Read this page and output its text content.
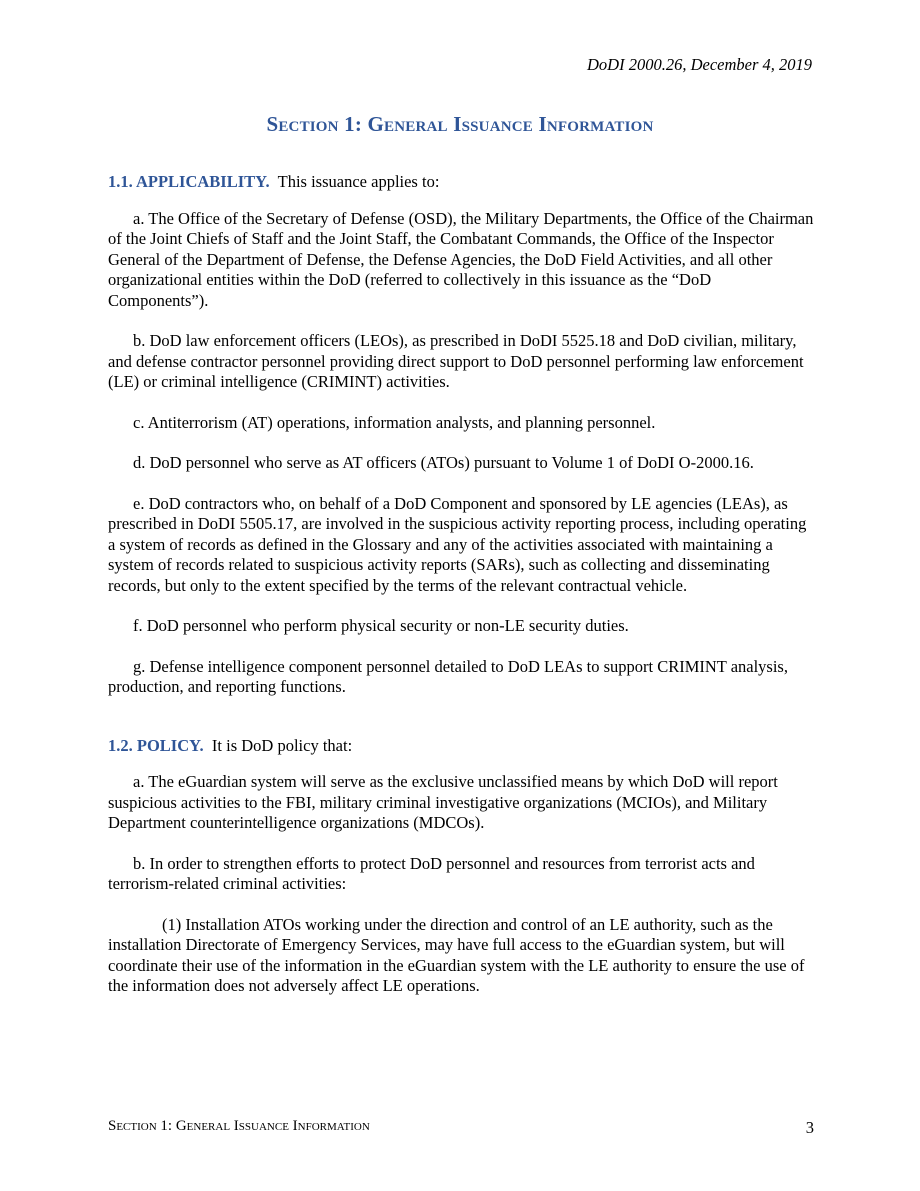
DoDI 2000.26, December 4, 2019
Section 1: General Issuance Information

1.1. APPLICABILITY. This issuance applies to:

a. The Office of the Secretary of Defense (OSD), the Military Departments, the Office of the Chairman of the Joint Chiefs of Staff and the Joint Staff, the Combatant Commands, the Office of the Inspector General of the Department of Defense, the Defense Agencies, the DoD Field Activities, and all other organizational entities within the DoD (referred to collectively in this issuance as the “DoD Components”).

b. DoD law enforcement officers (LEOs), as prescribed in DoDI 5525.18 and DoD civilian, military, and defense contractor personnel providing direct support to DoD personnel performing law enforcement (LE) or criminal intelligence (CRIMINT) activities.

c. Antiterrorism (AT) operations, information analysts, and planning personnel.

d. DoD personnel who serve as AT officers (ATOs) pursuant to Volume 1 of DoDI O-2000.16.

e. DoD contractors who, on behalf of a DoD Component and sponsored by LE agencies (LEAs), as prescribed in DoDI 5505.17, are involved in the suspicious activity reporting process, including operating a system of records as defined in the Glossary and any of the activities associated with maintaining a system of records related to suspicious activity reports (SARs), such as collecting and disseminating records, but only to the extent specified by the terms of the relevant contractual vehicle.

f. DoD personnel who perform physical security or non-LE security duties.

g. Defense intelligence component personnel detailed to DoD LEAs to support CRIMINT analysis, production, and reporting functions.

1.2. POLICY. It is DoD policy that:

a. The eGuardian system will serve as the exclusive unclassified means by which DoD will report suspicious activities to the FBI, military criminal investigative organizations (MCIOs), and Military Department counterintelligence organizations (MDCOs).

b. In order to strengthen efforts to protect DoD personnel and resources from terrorist acts and terrorism-related criminal activities:

(1) Installation ATOs working under the direction and control of an LE authority, such as the installation Directorate of Emergency Services, may have full access to the eGuardian system, but will coordinate their use of the information in the eGuardian system with the LE authority to ensure the use of the information does not adversely affect LE operations.

Section 1: General Issuance Information	3
